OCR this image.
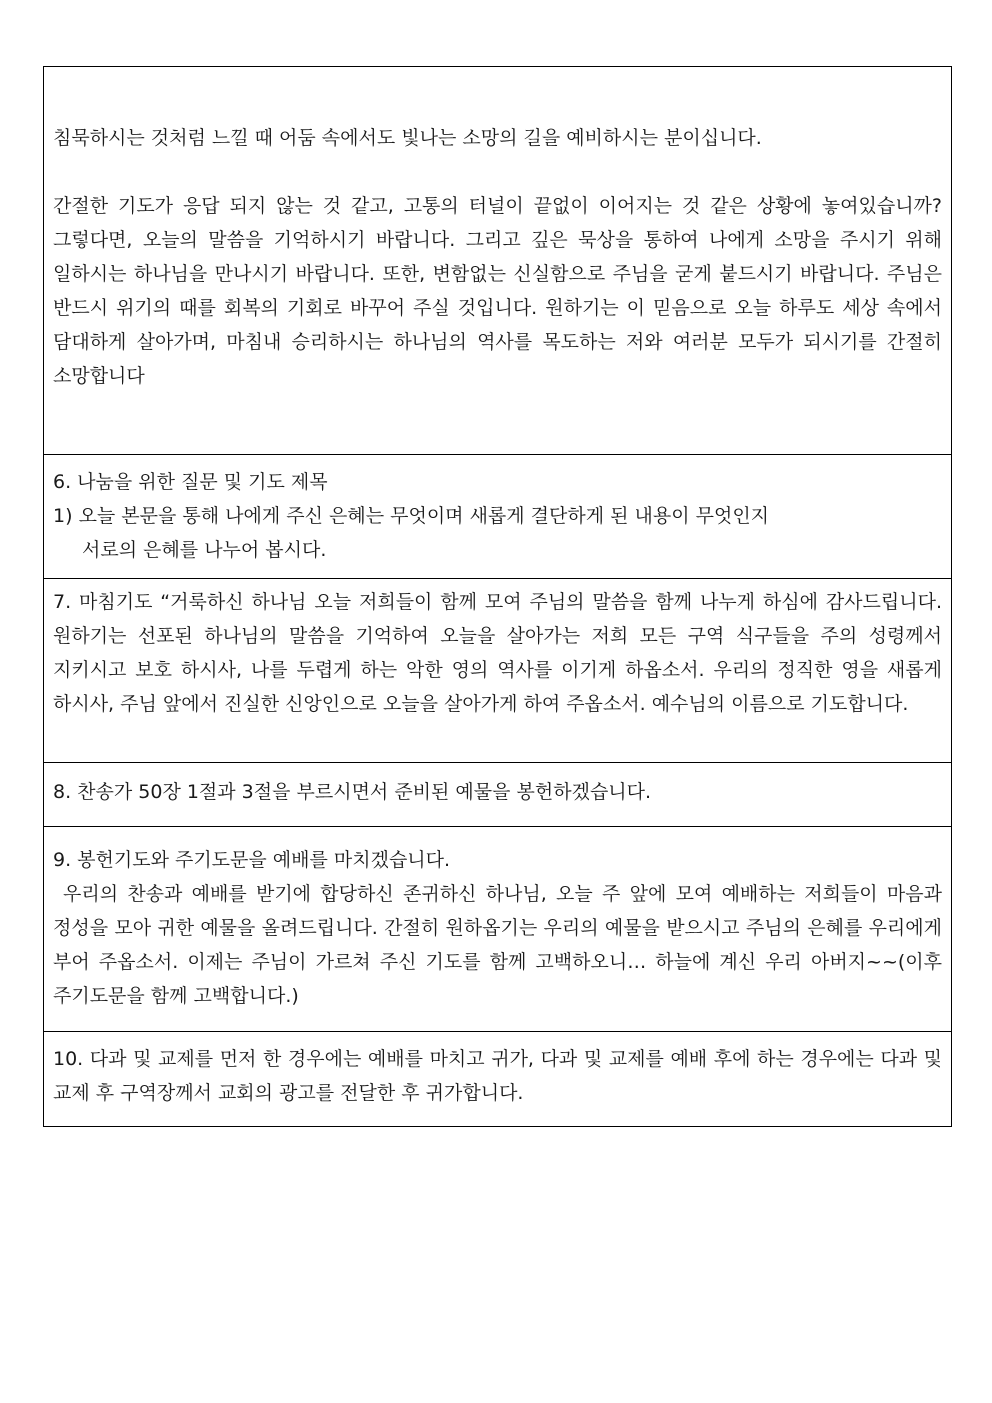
침묵하시는 것처럼 느낄 때 어둠 속에서도 빛나는 소망의 길을 예비하시는 분이십니다.

간절한 기도가 응답 되지 않는 것 같고, 고통의 터널이 끝없이 이어지는 것 같은 상황에 놓여있습니까? 그렇다면, 오늘의 말씀을 기억하시기 바랍니다. 그리고 깊은 묵상을 통하여 나에게 소망을 주시기 위해 일하시는 하나님을 만나시기 바랍니다. 또한, 변함없는 신실함으로 주님을 굳게 붙드시기 바랍니다. 주님은 반드시 위기의 때를 회복의 기회로 바꾸어 주실 것입니다. 원하기는 이 믿음으로 오늘 하루도 세상 속에서 담대하게 살아가며, 마침내 승리하시는 하나님의 역사를 목도하는 저와 여러분 모두가 되시기를 간절히 소망합니다

6. 나눔을 위한 질문 및 기도 제목

1) 오늘 본문을 통해 나에게 주신 은혜는 무엇이며 새롭게 결단하게 된 내용이 무엇인지

서로의 은혜를 나누어 봅시다.

7. 마침기도 “거룩하신 하나님 오늘 저희들이 함께 모여 주님의 말씀을 함께 나누게 하심에 감사드립니다. 원하기는 선포된 하나님의 말씀을 기억하여 오늘을 살아가는 저희 모든 구역 식구들을 주의 성령께서 지키시고 보호 하시사, 나를 두렵게 하는 악한 영의 역사를 이기게 하옵소서. 우리의 정직한 영을 새롭게 하시사, 주님 앞에서 진실한 신앙인으로 오늘을 살아가게 하여 주옵소서. 예수님의 이름으로 기도합니다.

8. 찬송가 50장 1절과 3절을 부르시면서 준비된 예물을 봉헌하겠습니다.

9. 봉헌기도와 주기도문을 예배를 마치겠습니다.

우리의 찬송과 예배를 받기에 합당하신 존귀하신 하나님, 오늘 주 앞에 모여 예배하는 저희들이 마음과 정성을 모아 귀한 예물을 올려드립니다. 간절히 원하옵기는 우리의 예물을 받으시고 주님의 은혜를 우리에게 부어 주옵소서. 이제는 주님이 가르쳐 주신 기도를 함께 고백하오니… 하늘에 계신 우리 아버지~~(이후 주기도문을 함께 고백합니다.)

10. 다과 및 교제를 먼저 한 경우에는 예배를 마치고 귀가, 다과 및 교제를 예배 후에 하는 경우에는 다과 및 교제 후 구역장께서 교회의 광고를 전달한 후 귀가합니다.
